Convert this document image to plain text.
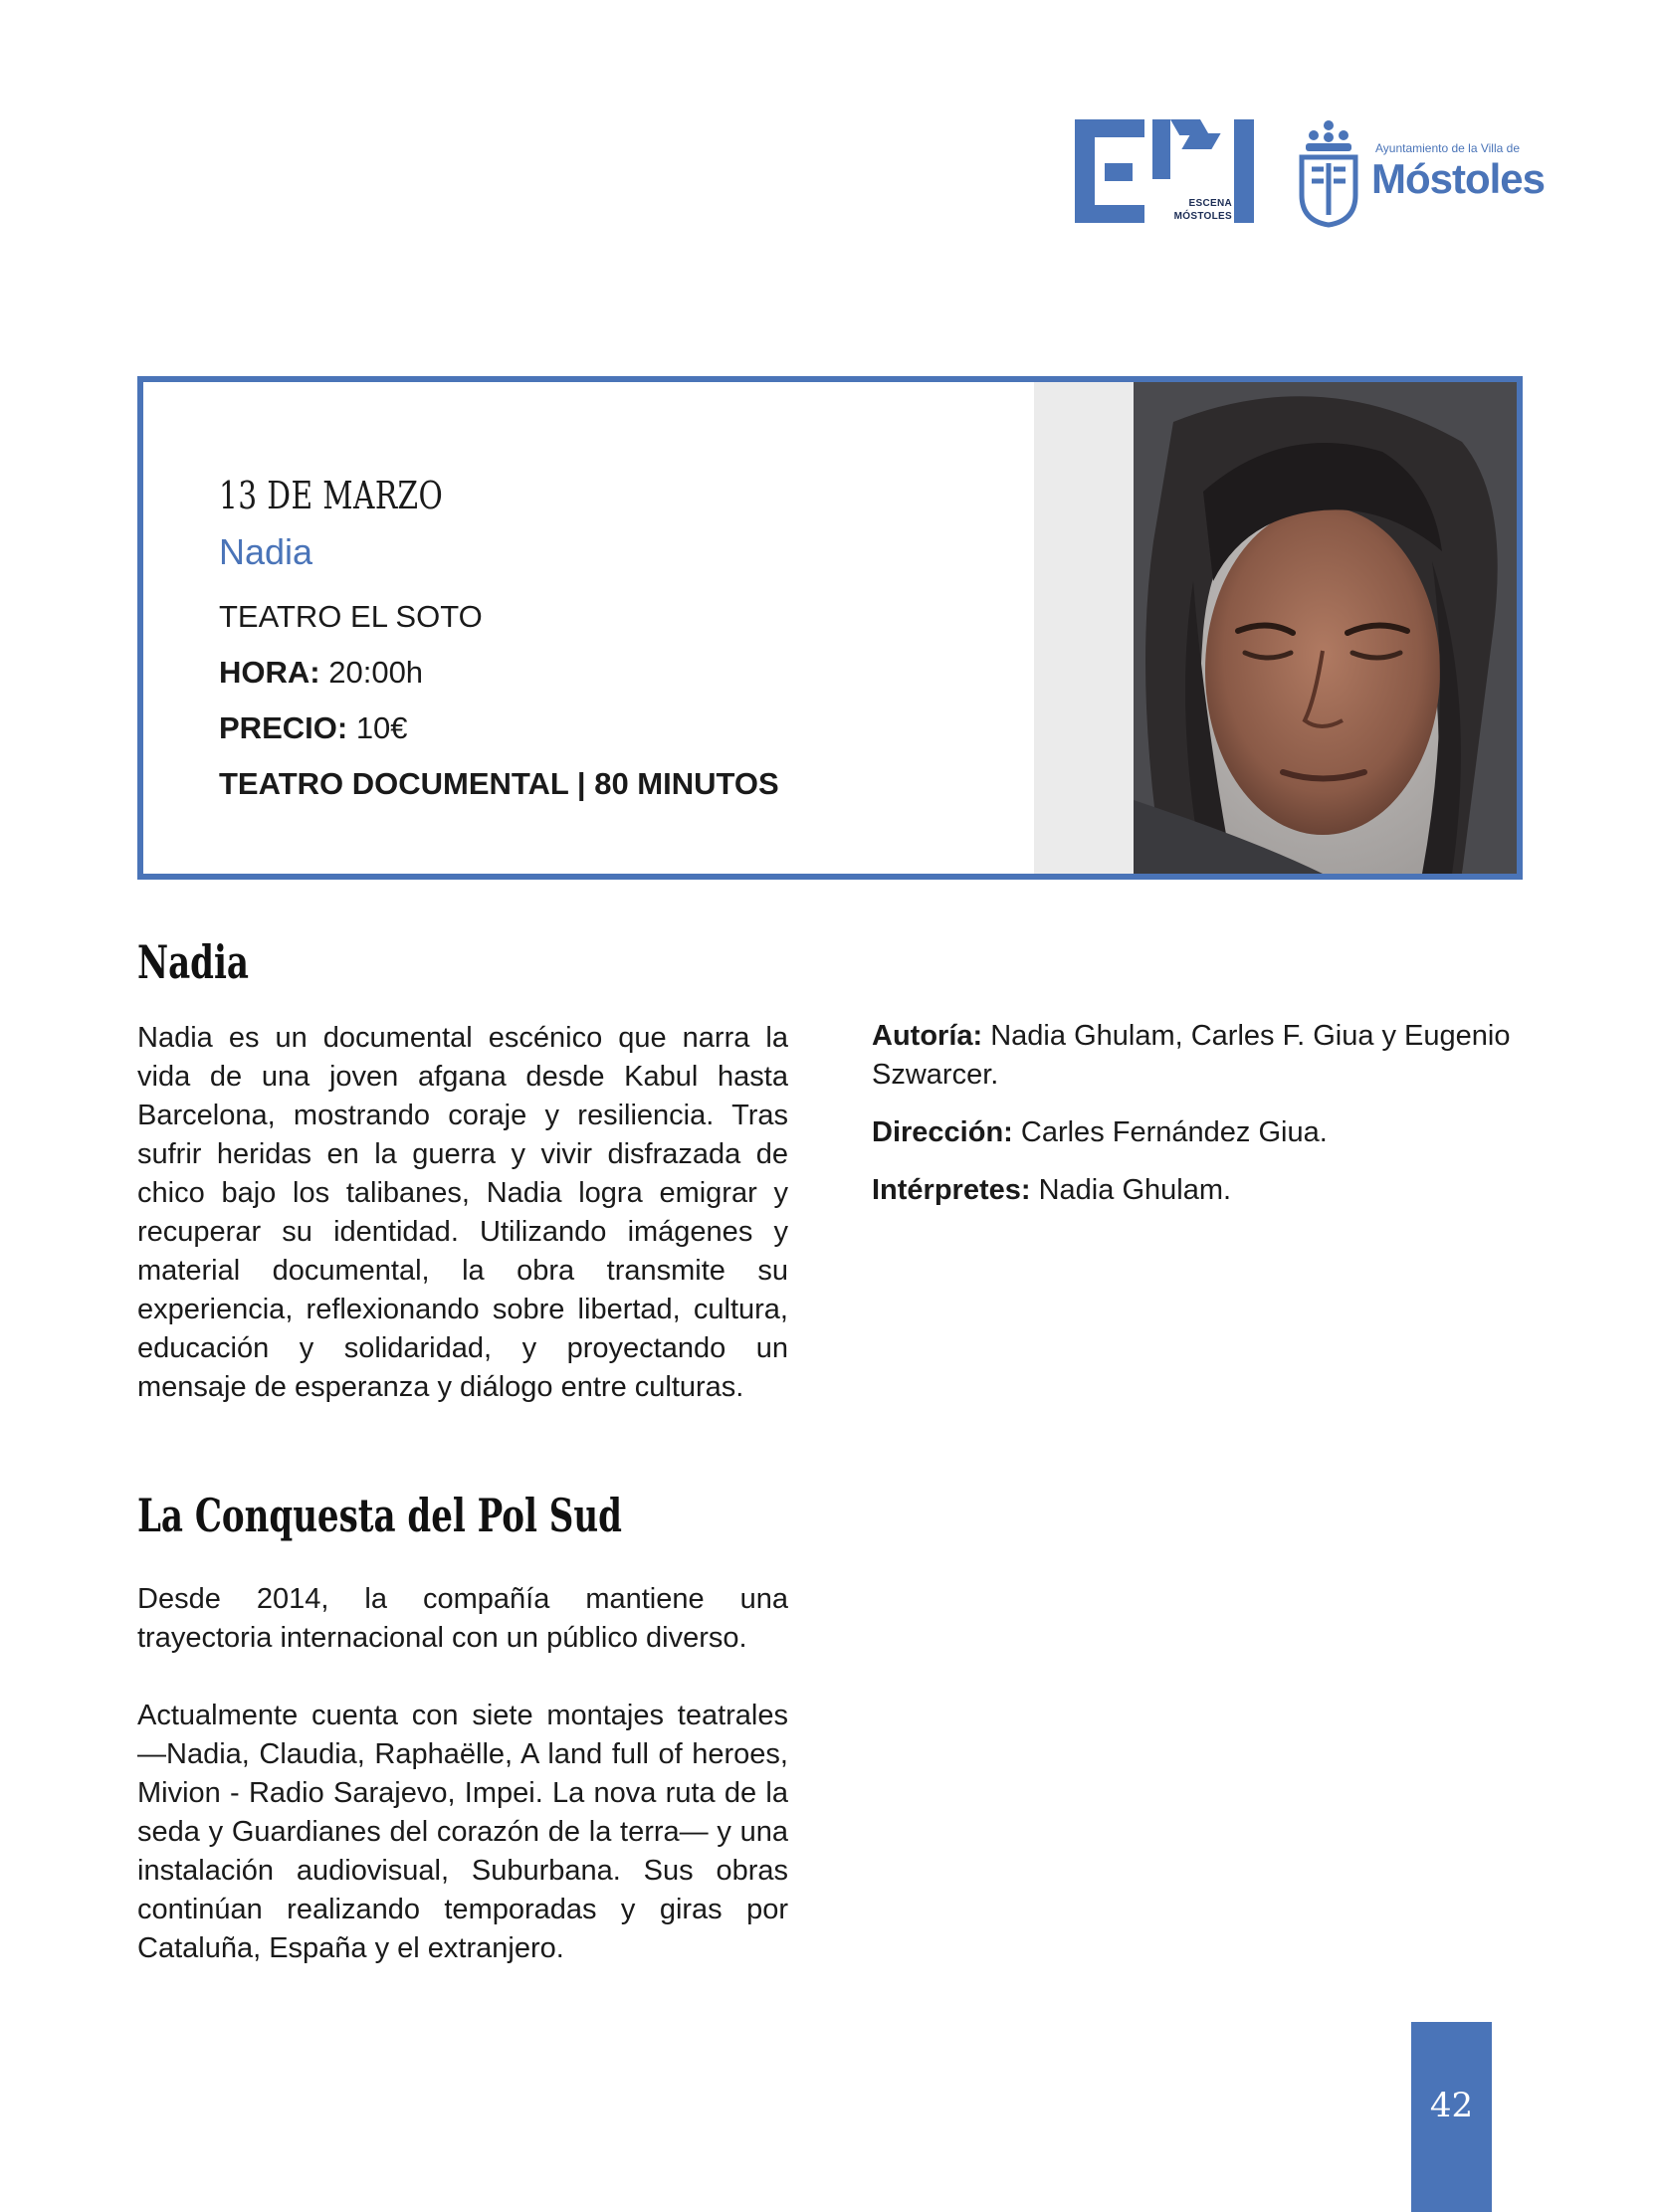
ESCENA
MÓSTOLES
Ayuntamiento de la Villa de
Móstoles
13 DE MARZO
Nadia
TEATRO EL SOTO
HORA: 20:00h
PRECIO: 10€
TEATRO DOCUMENTAL | 80 MINUTOS
Nadia

Nadia es un documental escénico que narra la vida de una joven afgana desde Kabul hasta Barcelona, mostrando coraje y resiliencia. Tras sufrir heridas en la guerra y vivir disfrazada de chico bajo los talibanes, Nadia logra emigrar y recuperar su identidad. Utilizando imágenes y material documental, la obra transmite su experiencia, reflexionando sobre libertad, cultura, educación y solidaridad, y proyectando un mensaje de esperanza y diálogo entre culturas.

Autoría: Nadia Ghulam, Carles F. Giua y Eugenio Szwarcer.

Dirección: Carles Fernández Giua.

Intérpretes: Nadia Ghulam.

La Conquesta del Pol Sud

Desde 2014, la compañía mantiene una trayectoria internacional con un público diverso.

Actualmente cuenta con siete montajes teatrales —Nadia, Claudia, Raphaëlle, A land full of heroes, Mivion - Radio Sarajevo, Impei. La nova ruta de la seda y Guardianes del corazón de la terra— y una instalación audiovisual, Suburbana. Sus obras continúan realizando temporadas y giras por Cataluña, España y el extranjero.

42
